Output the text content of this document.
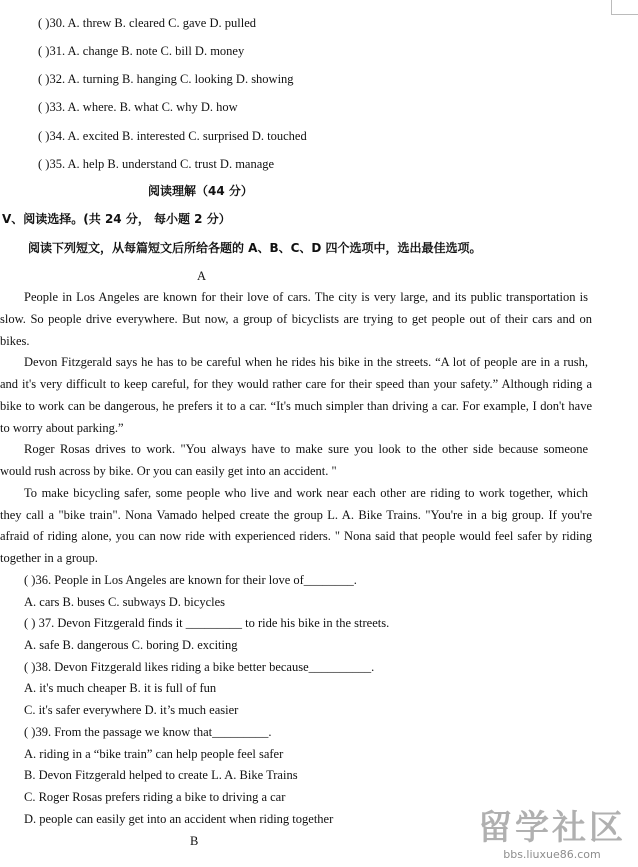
( )30. A. threw B. cleared C. gave D. pulled
( )31. A. change B. note C. bill D. money
( )32. A. turning B. hanging C. looking D. showing
( )33. A. where. B. what C. why D. how
( )34. A. excited B. interested C. surprised D. touched
( )35. A. help B. understand C. trust D. manage
阅读理解（44 分）
V、阅读选择。(共 24 分， 每小题 2 分）
阅读下列短文，从每篇短文后所给各题的 A、B、C、D 四个选项中，选出最佳选项。
A
People in Los Angeles are known for their love of cars. The city is very large, and its public transportation is
slow. So people drive everywhere. But now, a group of bicyclists are trying to get people out of their cars and on
bikes.
Devon Fitzgerald says he has to be careful when he rides his bike in the streets. “A lot of people are in a rush,
and it's very difficult to keep careful, for they would rather care for their speed than your safety.” Although riding a
bike to work can be dangerous, he prefers it to a car. “It's much simpler than driving a car. For example, I don't have
to worry about parking.”
Roger Rosas drives to work. "You always have to make sure you look to the other side because someone
would rush across by bike. Or you can easily get into an accident. "
To make bicycling safer, some people who live and work near each other are riding to work together, which
they call a "bike train". Nona Vamado helped create the group L. A. Bike Trains. "You're in a big group. If you're
afraid of riding alone, you can now ride with experienced riders. " Nona said that people would feel safer by riding
together in a group.
( )36. People in Los Angeles are known for their love of________.
A. cars B. buses C. subways D. bicycles
( ) 37. Devon Fitzgerald finds it _________ to ride his bike in the streets.
A. safe B. dangerous C. boring D. exciting
( )38. Devon Fitzgerald likes riding a bike better because__________.
A. it's much cheaper B. it is full of fun
C. it's safer everywhere D. it’s much easier
( )39. From the passage we know that_________.
A. riding in a “bike train” can help people feel safer
B. Devon Fitzgerald helped to create L. A. Bike Trains
C. Roger Rosas prefers riding a bike to driving a car
D. people can easily get into an accident when riding together
B	留学社区
bbs.liuxue86.com
